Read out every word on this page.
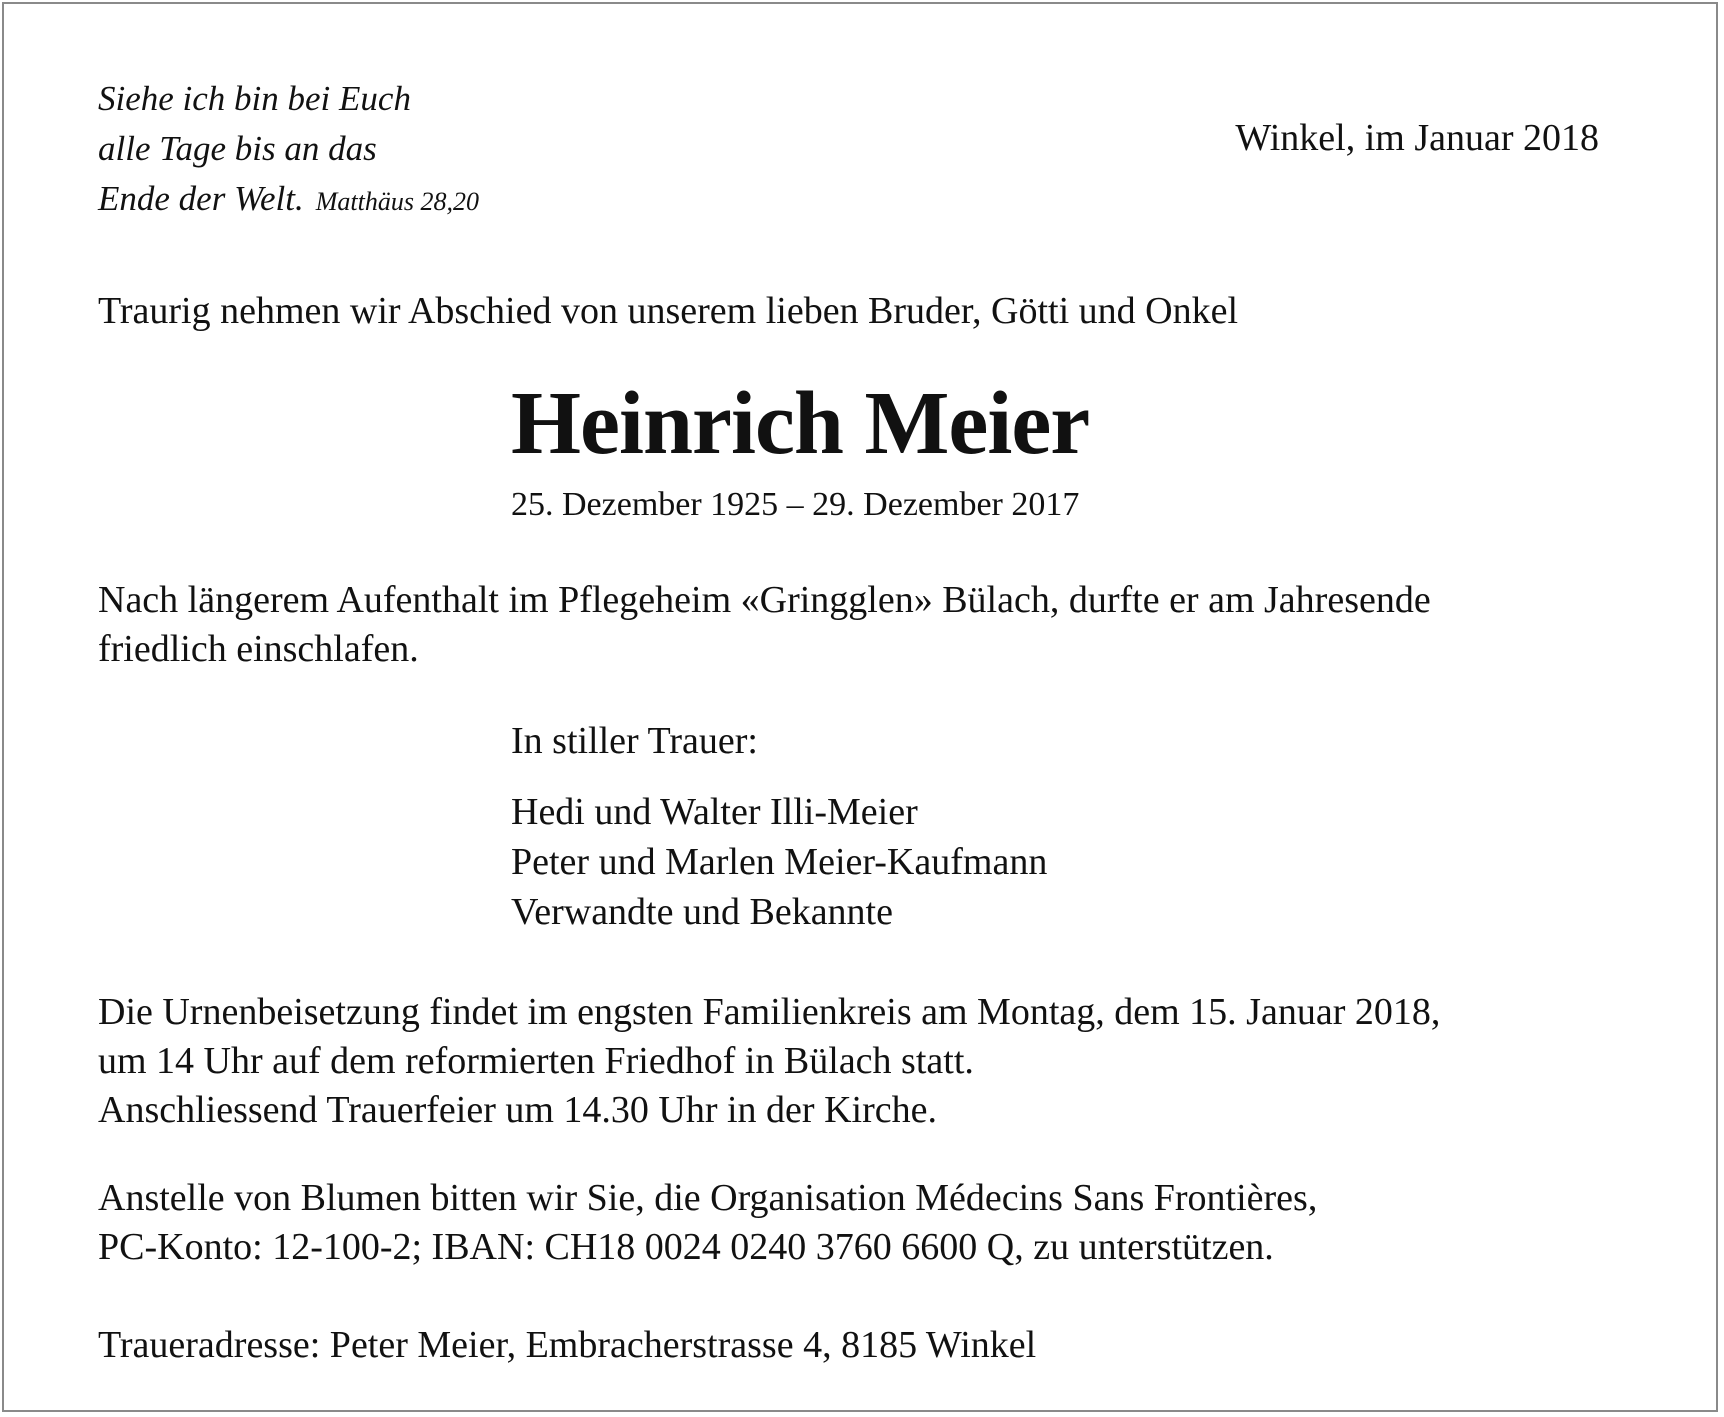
Siehe ich bin bei Euch
alle Tage bis an das
Ende der Welt. Matthäus 28,20
Winkel, im Januar 2018
Traurig nehmen wir Abschied von unserem lieben Bruder, Götti und Onkel
Heinrich Meier
25. Dezember 1925 – 29. Dezember 2017
Nach längerem Aufenthalt im Pflegeheim «Gringglen» Bülach, durfte er am Jahresende
friedlich einschlafen.
In stiller Trauer:
Hedi und Walter Illi-Meier
Peter und Marlen Meier-Kaufmann
Verwandte und Bekannte
Die Urnenbeisetzung findet im engsten Familienkreis am Montag, dem 15. Januar 2018,
um 14 Uhr auf dem reformierten Friedhof in Bülach statt.
Anschliessend Trauerfeier um 14.30 Uhr in der Kirche.
Anstelle von Blumen bitten wir Sie, die Organisation Médecins Sans Frontières,
PC-Konto: 12-100-2; IBAN: CH18 0024 0240 3760 6600 Q, zu unterstützen.
Traueradresse: Peter Meier, Embracherstrasse 4, 8185 Winkel
